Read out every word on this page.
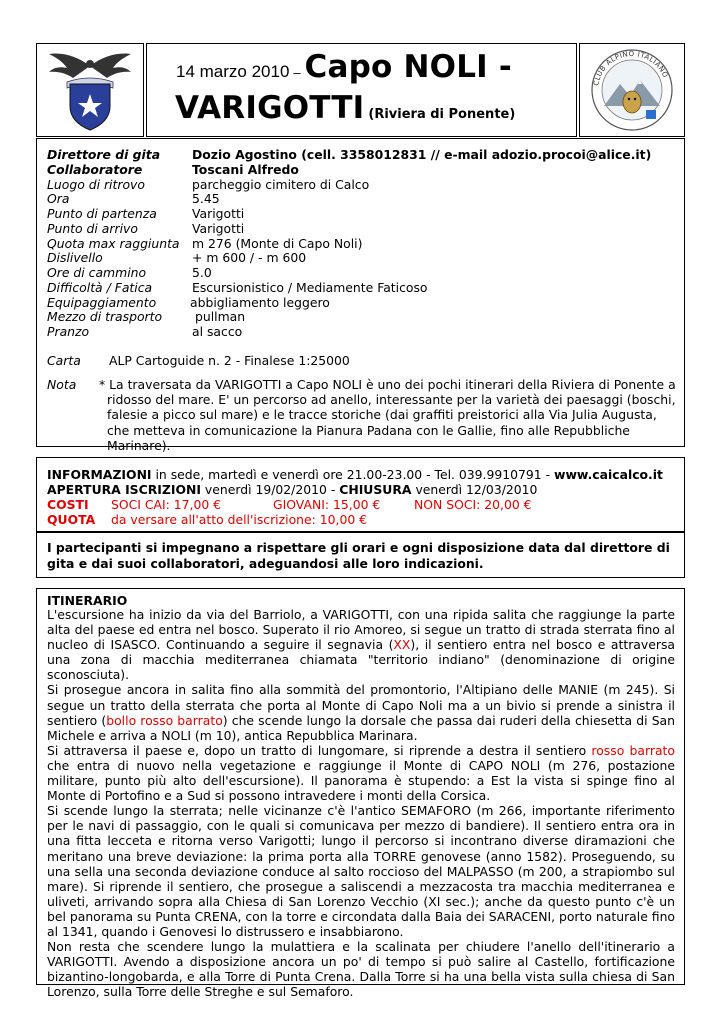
14 marzo 2010 – Capo NOLI -
VARIGOTTI (Riviera di Ponente)
CLUB ALPINO ITALIANO
Direttore di gita	Dozio Agostino (cell. 3358012831 // e-mail adozio.procoi@alice.it)
Collaboratore	Toscani Alfredo
Luogo di ritrovo	parcheggio cimitero di Calco
Ora	5.45
Punto di partenza	Varigotti
Punto di arrivo	Varigotti
Quota max raggiunta m 276 (Monte di Capo Noli)
Dislivello	+ m 600 / - m 600
Ore di cammino	5.0
Difficoltà / Fatica	Escursionistico / Mediamente Faticoso
Equipaggiamento	abbigliamento leggero
Mezzo di trasporto	pullman
Pranzo	al sacco
Carta ALP Cartoguide n. 2 - Finalese 1:25000
Nota * La traversata da VARIGOTTI a Capo NOLI è uno dei pochi itinerari della Riviera di Ponente a ridosso del mare. E' un percorso ad anello, interessante per la varietà dei paesaggi (boschi, falesie a picco sul mare) e le tracce storiche (dai graffiti preistorici alla Via Julia Augusta, che metteva in comunicazione la Pianura Padana con le Gallie, fino alle Repubbliche Marinare).
INFORMAZIONI in sede, martedì e venerdì ore 21.00-23.00 - Tel. 039.9910791 - www.caicalco.it
APERTURA ISCRIZIONI venerdì 19/02/2010 - CHIUSURA venerdì 12/03/2010
COSTI SOCI CAI: 17,00 €	GIOVANI: 15,00 €	NON SOCI: 20,00 €
QUOTA da versare all'atto dell'iscrizione: 10,00 €
I partecipanti si impegnano a rispettare gli orari e ogni disposizione data dal direttore di gita e dai suoi collaboratori, adeguandosi alle loro indicazioni.
ITINERARIO
L'escursione ha inizio da via del Barriolo, a VARIGOTTI, con una ripida salita che raggiunge la parte alta del paese ed entra nel bosco. Superato il rio Amoreo, si segue un tratto di strada sterrata fino al nucleo di ISASCO. Continuando a seguire il segnavia (XX), il sentiero entra nel bosco e attraversa una zona di macchia mediterranea chiamata "territorio indiano" (denominazione di origine sconosciuta).
Si prosegue ancora in salita fino alla sommità del promontorio, l'Altipiano delle MANIE (m 245). Si segue un tratto della sterrata che porta al Monte di Capo Noli ma a un bivio si prende a sinistra il sentiero (bollo rosso barrato) che scende lungo la dorsale che passa dai ruderi della chiesetta di San Michele e arriva a NOLI (m 10), antica Repubblica Marinara.
Si attraversa il paese e, dopo un tratto di lungomare, si riprende a destra il sentiero rosso barrato che entra di nuovo nella vegetazione e raggiunge il Monte di CAPO NOLI (m 276, postazione militare, punto più alto dell'escursione). Il panorama è stupendo: a Est la vista si spinge fino al Monte di Portofino e a Sud si possono intravedere i monti della Corsica.
Si scende lungo la sterrata; nelle vicinanze c'è l'antico SEMAFORO (m 266, importante riferimento per le navi di passaggio, con le quali si comunicava per mezzo di bandiere). Il sentiero entra ora in una fitta lecceta e ritorna verso Varigotti; lungo il percorso si incontrano diverse diramazioni che meritano una breve deviazione: la prima porta alla TORRE genovese (anno 1582). Proseguendo, su una sella una seconda deviazione conduce al salto roccioso del MALPASSO (m 200, a strapiombo sul mare). Si riprende il sentiero, che prosegue a saliscendi a mezzacosta tra macchia mediterranea e uliveti, arrivando sopra alla Chiesa di San Lorenzo Vecchio (XI sec.); anche da questo punto c'è un bel panorama su Punta CRENA, con la torre e circondata dalla Baia dei SARACENI, porto naturale fino al 1341, quando i Genovesi lo distrussero e insabbiarono.
Non resta che scendere lungo la mulattiera e la scalinata per chiudere l'anello dell'itinerario a VARIGOTTI. Avendo a disposizione ancora un po' di tempo si può salire al Castello, fortificazione bizantino-longobarda, e alla Torre di Punta Crena. Dalla Torre si ha una bella vista sulla chiesa di San Lorenzo, sulla Torre delle Streghe e sul Semaforo.
